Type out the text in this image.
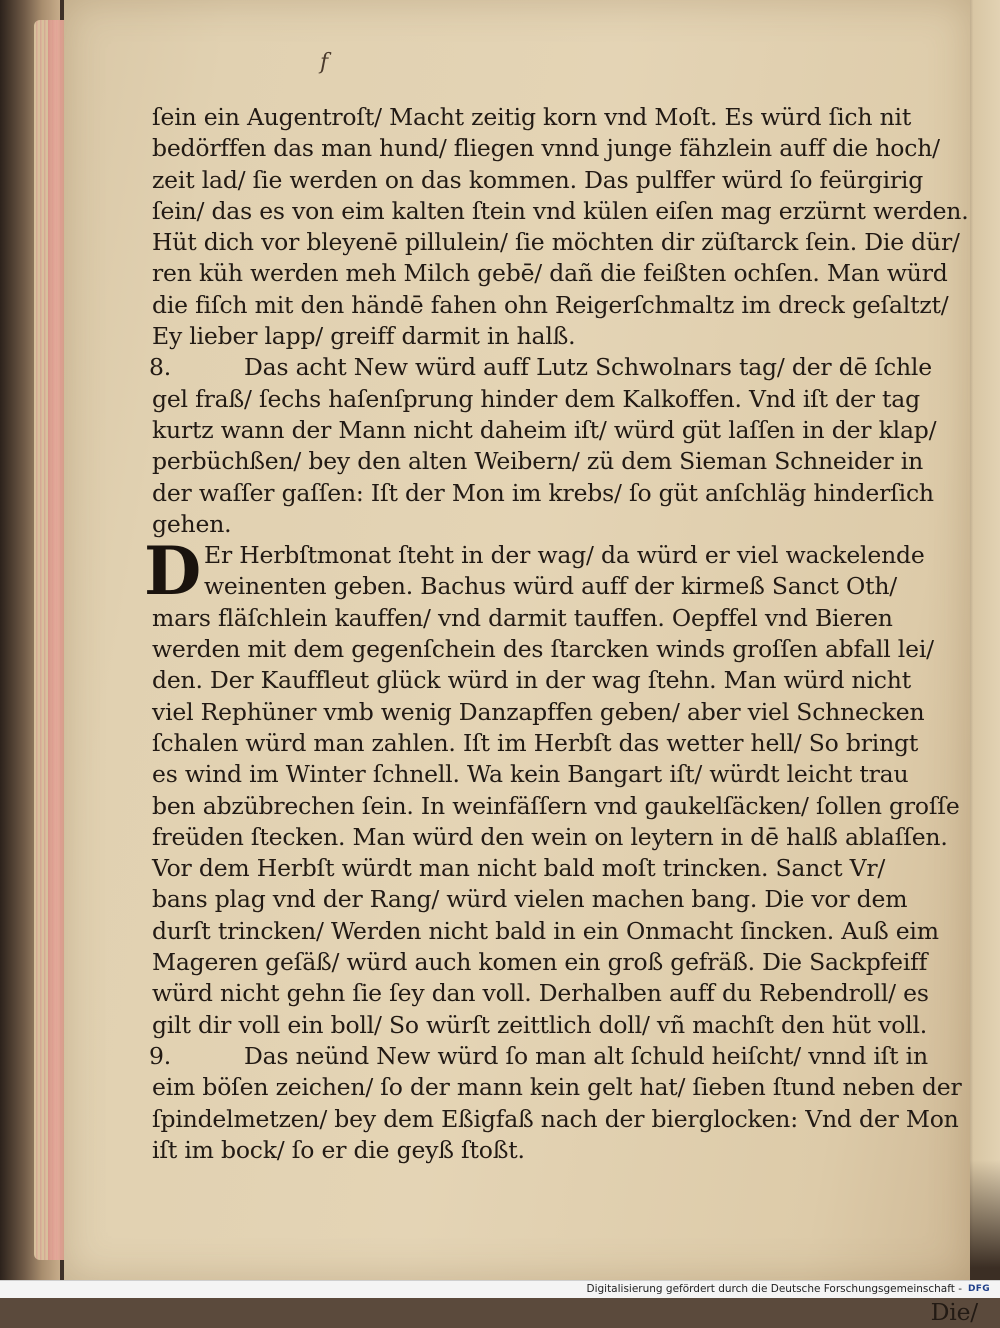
f
ſein ein Augentroſt/ Macht zeitig korn vnd Moſt. Es würd ſich nit
bedörffen das man hund/ fliegen vnnd junge fähzlein auff die hoch/
zeit lad/ ſie werden on das kommen. Das pulffer würd ſo feürgirig
ſein/ das es von eim kalten ſtein vnd külen eiſen mag erzürnt werden.
Hüt dich vor bleyenē pillulein/ ſie möchten dir züſtarck ſein. Die dür/
ren küh werden meh Milch gebē/ dañ die feißten ochſen. Man würd
die fiſch mit den händē fahen ohn Reigerſchmaltz im dreck geſaltzt/
Ey lieber lapp/ greiff darmit in halß.
8.	Das acht New würd auff Lutz Schwolnars tag/ der dē ſchle
gel fraß/ ſechs haſenſprung hinder dem Kalkoffen. Vnd iſt der tag
kurtz wann der Mann nicht daheim iſt/ würd güt laſſen in der klap/
perbüchßen/ bey den alten Weibern/ zü dem Sieman Schneider in
der waſſer gaſſen: Iſt der Mon im krebs/ ſo güt anſchläg hinderſich
gehen.
D Er Herbſtmonat ſteht in der wag/ da würd er viel wackelende
weinenten geben. Bachus würd auff der kirmeß Sanct Oth/
mars fläſchlein kauffen/ vnd darmit tauffen. Oepffel vnd Bieren
werden mit dem gegenſchein des ſtarcken winds groſſen abfall lei/
den. Der Kauffleut glück würd in der wag ſtehn. Man würd nicht
viel Rephüner vmb wenig Danzapffen geben/ aber viel Schnecken
ſchalen würd man zahlen. Iſt im Herbſt das wetter hell/ So bringt
es wind im Winter ſchnell. Wa kein Bangart iſt/ würdt leicht trau
ben abzübrechen ſein. In weinfäſſern vnd gaukelſäcken/ ſollen groſſe
freüden ſtecken. Man würd den wein on leytern in dē halß ablaſſen.
Vor dem Herbſt würdt man nicht bald moſt trincken. Sanct Vr/
bans plag vnd der Rang/ würd vielen machen bang. Die vor dem
durſt trincken/ Werden nicht bald in ein Onmacht ſincken. Auß eim
Mageren geſäß/ würd auch komen ein groß gefräß. Die Sackpfeiff
würd nicht gehn ſie ſey dan voll. Derhalben auff du Rebendroll/ es
gilt dir voll ein boll/ So würſt zeittlich doll/ vñ machſt den hüt voll.
9.	Das neünd New würd ſo man alt ſchuld heiſcht/ vnnd iſt in
eim böſen zeichen/ ſo der mann kein gelt hat/ ſieben ſtund neben der
ſpindelmetzen/ bey dem Eßigfaß nach der bierglocken: Vnd der Mon
iſt im bock/ ſo er die geyß ſtoßt.
Die/
Digitalisierung gefördert durch die Deutsche Forschungsgemeinschaft - DFG
